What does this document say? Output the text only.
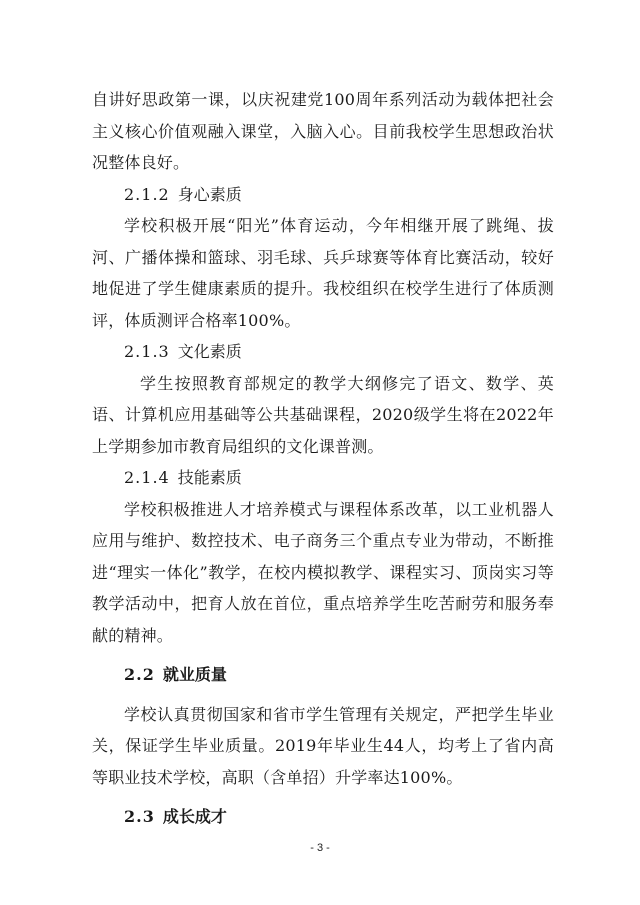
自讲好思政第一课，以庆祝建党100周年系列活动为载体把社会主义核心价值观融入课堂，入脑入心。目前我校学生思想政治状况整体良好。

2.1.2 身心素质

学校积极开展“阳光”体育运动，今年相继开展了跳绳、拔河、广播体操和篮球、羽毛球、兵乒球赛等体育比赛活动，较好地促进了学生健康素质的提升。我校组织在校学生进行了体质测评，体质测评合格率100%。

2.1.3 文化素质

学生按照教育部规定的教学大纲修完了语文、数学、英语、计算机应用基础等公共基础课程，2020级学生将在2022年上学期参加市教育局组织的文化课普测。

2.1.4 技能素质

学校积极推进人才培养模式与课程体系改革，以工业机器人应用与维护、数控技术、电子商务三个重点专业为带动，不断推进“理实一体化”教学，在校内模拟教学、课程实习、顶岗实习等教学活动中，把育人放在首位，重点培养学生吃苦耐劳和服务奉献的精神。

2.2 就业质量

学校认真贯彻国家和省市学生管理有关规定，严把学生毕业关，保证学生毕业质量。2019年毕业生44人，均考上了省内高等职业技术学校，高职（含单招）升学率达100%。

2.3 成长成才

- 3 -
